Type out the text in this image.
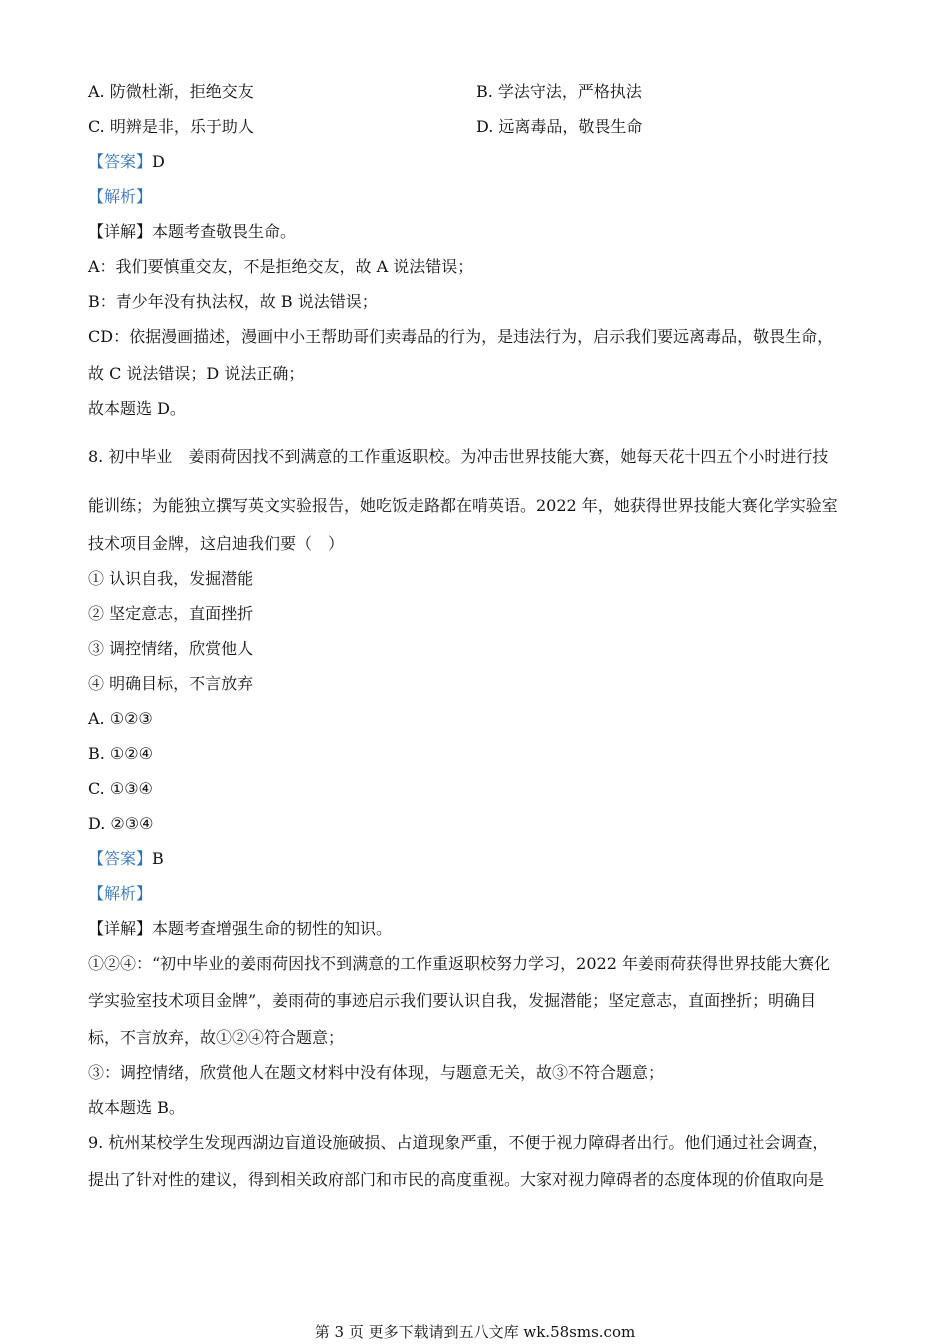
A. 防微杜渐，拒绝交友	B. 学法守法，严格执法
C. 明辨是非，乐于助人	D. 远离毒品，敬畏生命
【答案】D
【解析】
【详解】本题考查敬畏生命。
A：我们要慎重交友，不是拒绝交友，故 A 说法错误；
B：青少年没有执法权，故 B 说法错误；
CD：依据漫画描述，漫画中小王帮助哥们卖毒品的行为，是违法行为，启示我们要远离毒品，敬畏生命，
故 C 说法错误；D 说法正确；
故本题选 D。
8. 初中毕业　姜雨荷因找不到满意的工作重返职校。为冲击世界技能大赛，她每天花十四五个小时进行技
能训练；为能独立撰写英文实验报告，她吃饭走路都在啃英语。2022 年，她获得世界技能大赛化学实验室
技术项目金牌，这启迪我们要（　）
① 认识自我，发掘潜能
② 坚定意志，直面挫折
③ 调控情绪，欣赏他人
④ 明确目标，不言放弃
A. ①②③
B. ①②④
C. ①③④
D. ②③④
【答案】B
【解析】
【详解】本题考查增强生命的韧性的知识。
①②④：“初中毕业的姜雨荷因找不到满意的工作重返职校努力学习，2022 年姜雨荷获得世界技能大赛化
学实验室技术项目金牌”，姜雨荷的事迹启示我们要认识自我，发掘潜能；坚定意志，直面挫折；明确目
标，不言放弃，故①②④符合题意；
③：调控情绪，欣赏他人在题文材料中没有体现，与题意无关，故③不符合题意；
故本题选 B。
9. 杭州某校学生发现西湖边盲道设施破损、占道现象严重，不便于视力障碍者出行。他们通过社会调查，
提出了针对性的建议，得到相关政府部门和市民的高度重视。大家对视力障碍者的态度体现的价值取向是
第 3 页 更多下载请到五八文库 wk.58sms.com
